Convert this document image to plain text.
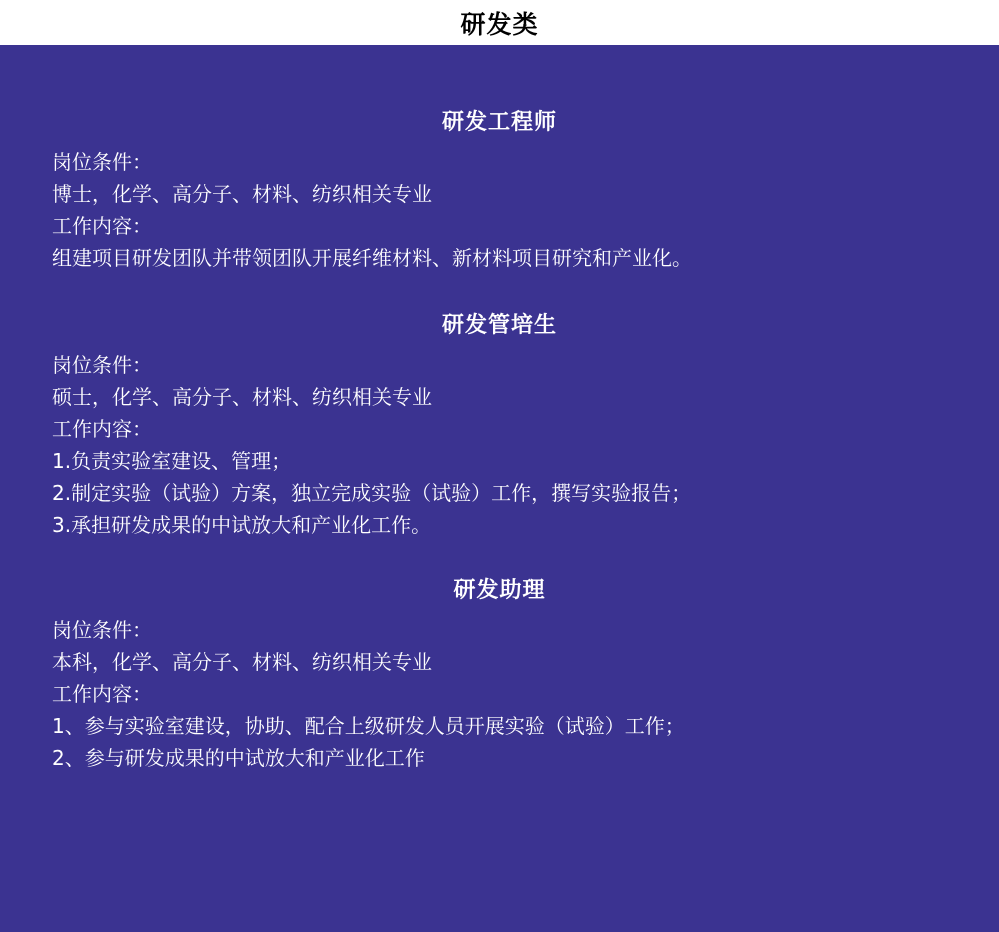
研发类
研发工程师
岗位条件：
博士，化学、高分子、材料、纺织相关专业
工作内容：
组建项目研发团队并带领团队开展纤维材料、新材料项目研究和产业化。
研发管培生
岗位条件：
硕士，化学、高分子、材料、纺织相关专业
工作内容：
1.负责实验室建设、管理；
2.制定实验（试验）方案，独立完成实验（试验）工作，撰写实验报告；
3.承担研发成果的中试放大和产业化工作。
研发助理
岗位条件：
本科，化学、高分子、材料、纺织相关专业
工作内容：
1、参与实验室建设，协助、配合上级研发人员开展实验（试验）工作；
2、参与研发成果的中试放大和产业化工作
